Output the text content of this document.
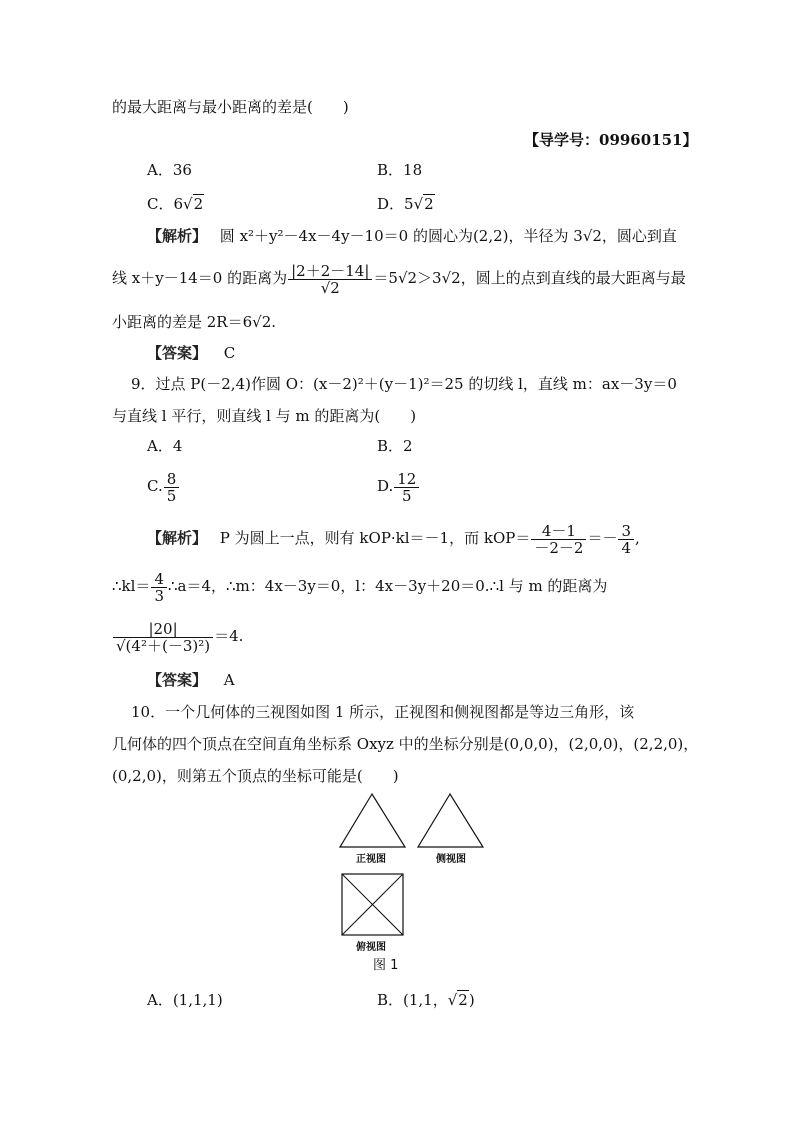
的最大距离与最小距离的差是(　　)
【导学号：09960151】
A．36	B．18
C．6√2	D．5√2
【解析】 圆 x²＋y²－4x－4y－10＝0 的圆心为(2,2)，半径为 3√2，圆心到直
线 x＋y－14＝0 的距离为 $\frac{|2+2-14|}{√2} =5√2>3√2$，圆上的点到直线的最大距离与最
小距离的差是 2R＝6√2.
【答案】 C
9．过点 P(－2,4)作圆 O：(x－2)²＋(y－1)²＝25 的切线 l，直线 m：ax－3y＝0
与直线 l 平行，则直线 l 与 m 的距离为(　　)
A．4	B．2
C. $\frac{8}{5}$	D. $\frac{12}{5}$
【解析】 P 为圆上一点，则有 kOP·kl＝－1，而 $kOP= \frac{4-1}{-2-2} =- \frac{3}{4}$ ,
∴kl＝ $\frac{4}{3}$ ∴a＝4，∴m：4x－3y＝0，l：4x－3y＋20＝0.∴l 与 m 的距离为
$\frac{|20|}{\text{√(4²＋(－3)²)}} =4$.
【答案】 A
10．一个几何体的三视图如图 1 所示，正视图和侧视图都是等边三角形，该
几何体的四个顶点在空间直角坐标系 Oxyz 中的坐标分别是(0,0,0)，(2,0,0)，(2,2,0)，
(0,2,0)，则第五个顶点的坐标可能是(　　)
正视图	侧视图
俯视图
图 1
A．(1,1,1)	B．(1,1，√2)
